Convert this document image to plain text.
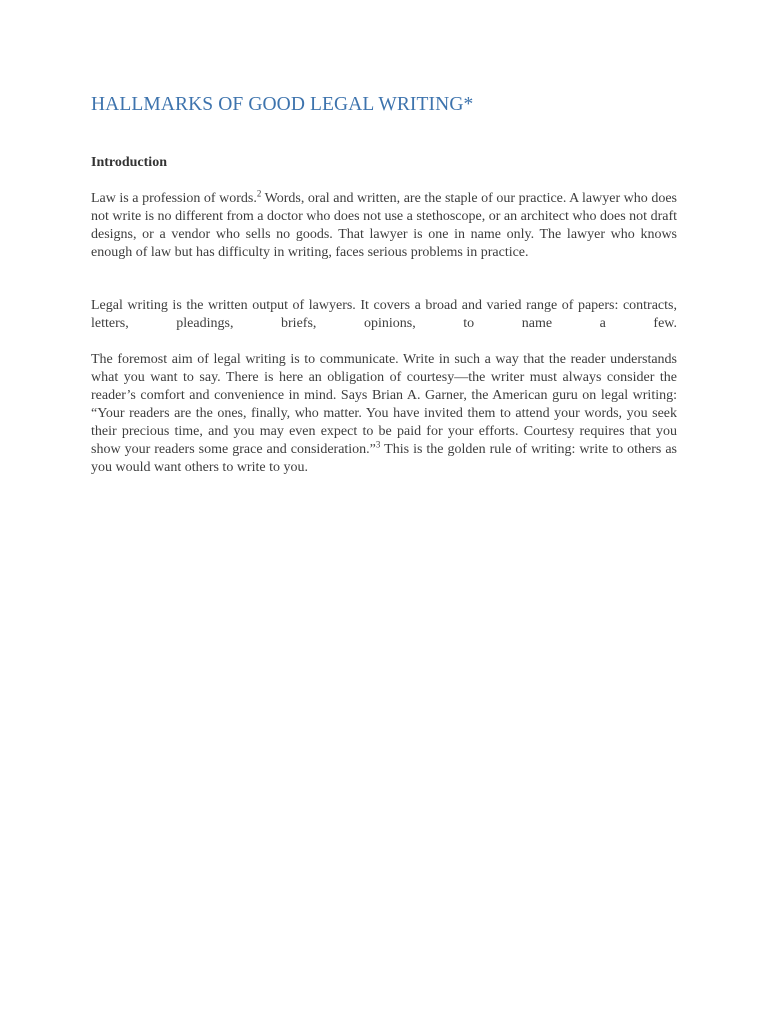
HALLMARKS OF GOOD LEGAL WRITING*
Introduction

Law is a profession of words.$^2$ Words, oral and written, are the staple of our practice. A lawyer who does not write is no different from a doctor who does not use a stethoscope, or an architect who does not draft designs, or a vendor who sells no goods. That lawyer is one in name only. The lawyer who knows enough of law but has difficulty in writing, faces serious problems in practice.

Legal writing is the written output of lawyers. It covers a broad and varied range of papers: contracts, letters, pleadings, briefs, opinions, to name a few.

The foremost aim of legal writing is to communicate. Write in such a way that the reader understands what you want to say. There is here an obligation of courtesy—the writer must always consider the reader’s comfort and convenience in mind. Says Brian A. Garner, the American guru on legal writing: “Your readers are the ones, finally, who matter. You have invited them to attend your words, you seek their precious time, and you may even expect to be paid for your efforts. Courtesy requires that you show your readers some grace and consideration.”$^3$ This is the golden rule of writing: write to others as you would want others to write to you.
